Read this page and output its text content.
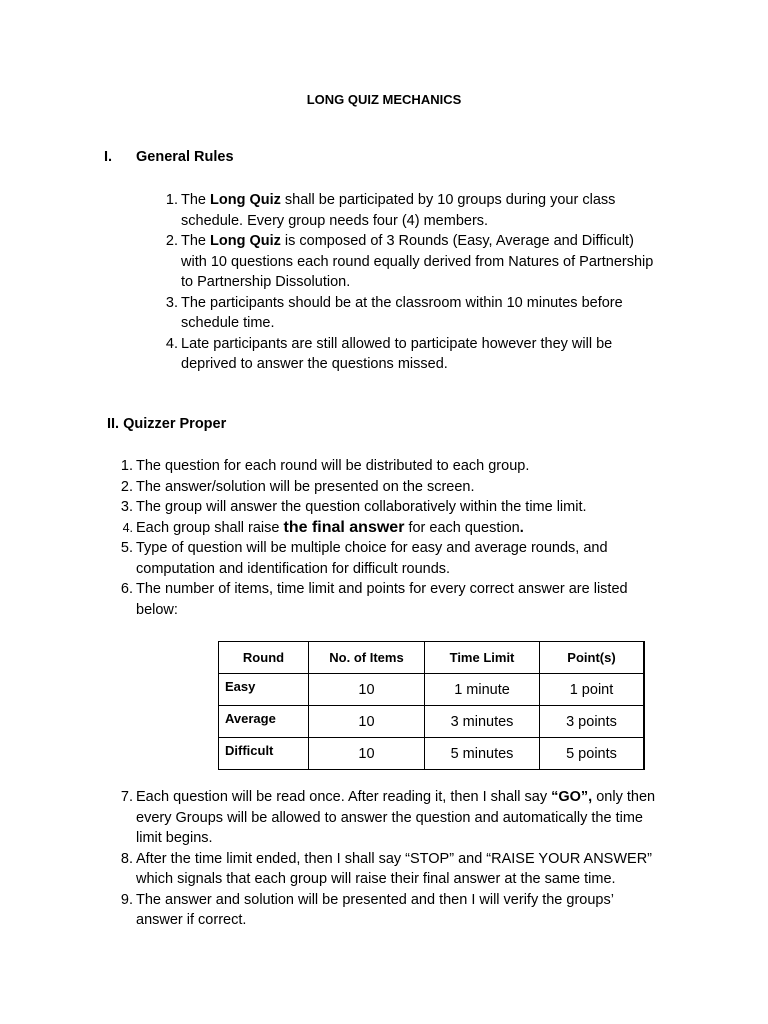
LONG QUIZ MECHANICS
I. General Rules
1. The Long Quiz shall be participated by 10 groups during your class
schedule. Every group needs four (4) members.
2. The Long Quiz is composed of 3 Rounds (Easy, Average and Difficult)
with 10 questions each round equally derived from Natures of Partnership
to Partnership Dissolution.
3. The participants should be at the classroom within 10 minutes before
schedule time.
4. Late participants are still allowed to participate however they will be
deprived to answer the questions missed.
II. Quizzer Proper
1. The question for each round will be distributed to each group.
2. The answer/solution will be presented on the screen.
3. The group will answer the question collaboratively within the time limit.
4. Each group shall raise the final answer for each question.
5. Type of question will be multiple choice for easy and average rounds, and
computation and identification for difficult rounds.
6. The number of items, time limit and points for every correct answer are listed
below:
Round	No. of Items	Time Limit	Point(s)
Easy	10	1 minute	1 point
Average	10	3 minutes	3 points
Difficult	10	5 minutes	5 points
7. Each question will be read once. After reading it, then I shall say “GO”, only then
every Groups will be allowed to answer the question and automatically the time
limit begins.
8. After the time limit ended, then I shall say “STOP” and “RAISE YOUR ANSWER”
which signals that each group will raise their final answer at the same time.
9. The answer and solution will be presented and then I will verify the groups’
answer if correct.
